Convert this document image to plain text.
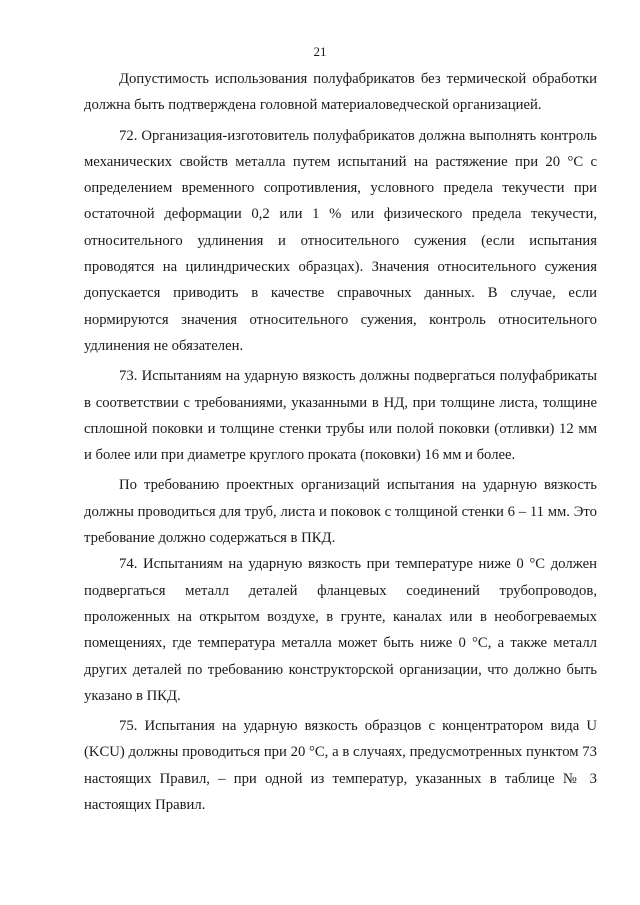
21

Допустимость использования полуфабрикатов без термической обработки должна быть подтверждена головной материаловедческой организацией.

72. Организация-изготовитель полуфабрикатов должна выполнять контроль механических свойств металла путем испытаний на растяжение при 20 °С с определением временного сопротивления, условного предела текучести при остаточной деформации 0,2 или 1 % или физического предела текучести, относительного удлинения и относительного сужения (если испытания проводятся на цилиндрических образцах). Значения относительного сужения допускается приводить в качестве справочных данных. В случае, если нормируются значения относительного сужения, контроль относительного удлинения не обязателен.

73. Испытаниям на ударную вязкость должны подвергаться полуфабрикаты в соответствии с требованиями, указанными в НД, при толщине листа, толщине сплошной поковки и толщине стенки трубы или полой поковки (отливки) 12 мм и более или при диаметре круглого проката (поковки) 16 мм и более.

По требованию проектных организаций испытания на ударную вязкость должны проводиться для труб, листа и поковок с толщиной стенки 6 – 11 мм. Это требование должно содержаться в ПКД.

74. Испытаниям на ударную вязкость при температуре ниже 0 °С должен подвергаться металл деталей фланцевых соединений трубопроводов, проложенных на открытом воздухе, в грунте, каналах или в необогреваемых помещениях, где температура металла может быть ниже 0 °С, а также металл других деталей по требованию конструкторской организации, что должно быть указано в ПКД.

75. Испытания на ударную вязкость образцов с концентратором вида U (KCU) должны проводиться при 20 °С, а в случаях, предусмотренных пунктом 73 настоящих Правил, – при одной из температур, указанных в таблице № 3 настоящих Правил.
